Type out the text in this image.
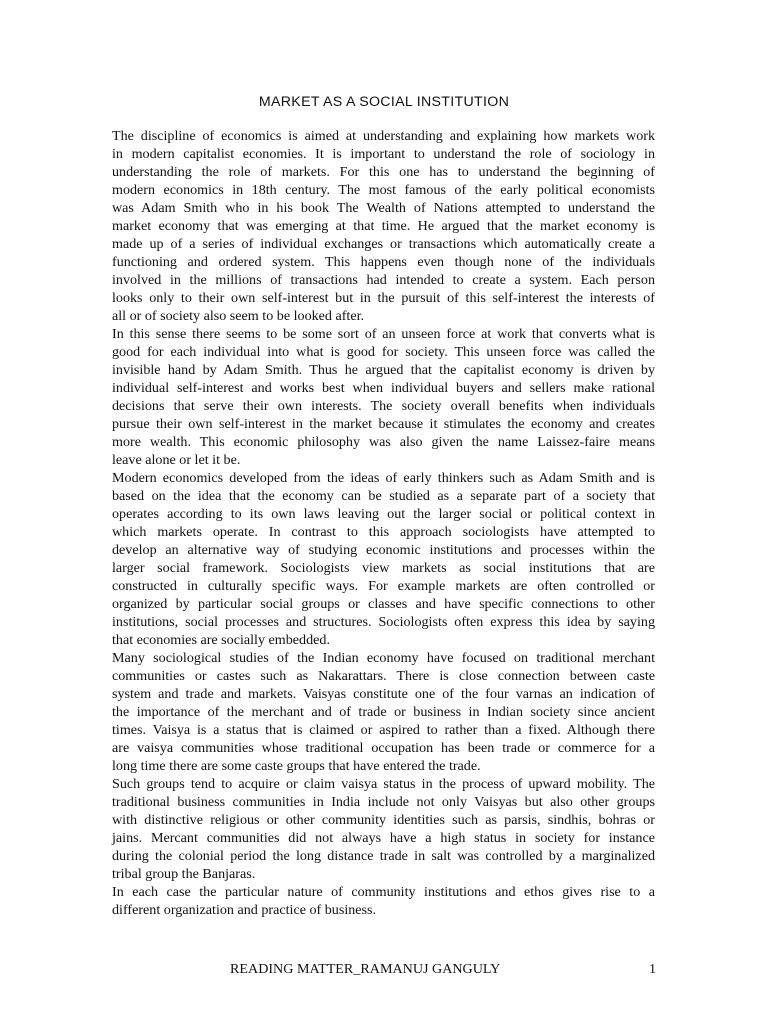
MARKET AS A SOCIAL INSTITUTION
The discipline of economics is aimed at understanding and explaining how markets work
in modern capitalist economies. It is important to understand the role of sociology in
understanding the role of markets. For this one has to understand the beginning of
modern economics in 18th century. The most famous of the early political economists
was Adam Smith who in his book The Wealth of Nations attempted to understand the
market economy that was emerging at that time. He argued that the market economy is
made up of a series of individual exchanges or transactions which automatically create a
functioning and ordered system. This happens even though none of the individuals
involved in the millions of transactions had intended to create a system. Each person
looks only to their own self-interest but in the pursuit of this self-interest the interests of
all or of society also seem to be looked after.
In this sense there seems to be some sort of an unseen force at work that converts what is
good for each individual into what is good for society. This unseen force was called the
invisible hand by Adam Smith. Thus he argued that the capitalist economy is driven by
individual self-interest and works best when individual buyers and sellers make rational
decisions that serve their own interests. The society overall benefits when individuals
pursue their own self-interest in the market because it stimulates the economy and creates
more wealth. This economic philosophy was also given the name Laissez-faire means
leave alone or let it be.
Modern economics developed from the ideas of early thinkers such as Adam Smith and is
based on the idea that the economy can be studied as a separate part of a society that
operates according to its own laws leaving out the larger social or political context in
which markets operate. In contrast to this approach sociologists have attempted to
develop an alternative way of studying economic institutions and processes within the
larger social framework. Sociologists view markets as social institutions that are
constructed in culturally specific ways. For example markets are often controlled or
organized by particular social groups or classes and have specific connections to other
institutions, social processes and structures. Sociologists often express this idea by saying
that economies are socially embedded.
Many sociological studies of the Indian economy have focused on traditional merchant
communities or castes such as Nakarattars. There is close connection between caste
system and trade and markets. Vaisyas constitute one of the four varnas an indication of
the importance of the merchant and of trade or business in Indian society since ancient
times. Vaisya is a status that is claimed or aspired to rather than a fixed. Although there
are vaisya communities whose traditional occupation has been trade or commerce for a
long time there are some caste groups that have entered the trade.
Such groups tend to acquire or claim vaisya status in the process of upward mobility. The
traditional business communities in India include not only Vaisyas but also other groups
with distinctive religious or other community identities such as parsis, sindhis, bohras or
jains. Mercant communities did not always have a high status in society for instance
during the colonial period the long distance trade in salt was controlled by a marginalized
tribal group the Banjaras.
In each case the particular nature of community institutions and ethos gives rise to a
different organization and practice of business.
READING MATTER_RAMANUJ GANGULY	1
